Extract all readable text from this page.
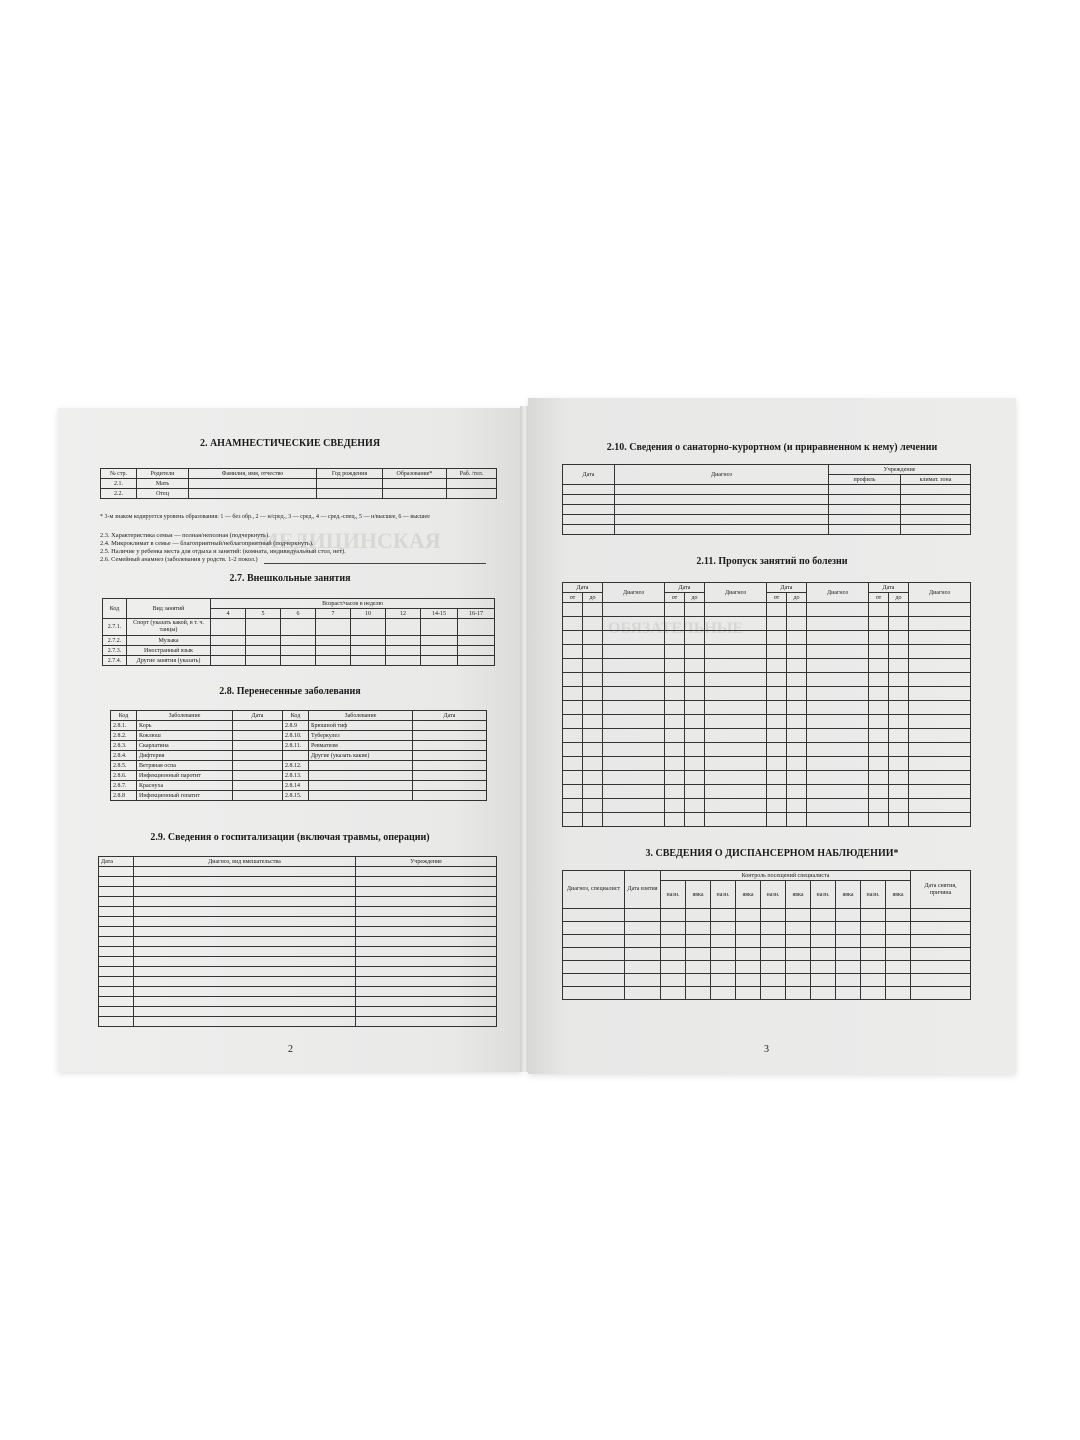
МЕДИЦИНСКАЯ
2. АНАМНЕСТИЧЕСКИЕ СВЕДЕНИЯ
№ стр.	Родители	Фамилия, имя, отчество	Год рождения	Образование*	Раб. /тел.
2.1.	Мать				
2.2.	Отец				
* 3-м знаком кодируется уровень образования: 1 — без обр., 2 — н/сред., 3 — сред., 4 — сред.-спец., 5 — н/высшее, 6 — высшее
2.3. Характеристика семьи — полная/неполная (подчеркнуть).
2.4. Микроклимат в семье — благоприятный/неблагоприятный (подчеркнуть).
2.5. Наличие у ребенка места для отдыха и занятий: (комната, индивидуальный стол, нет).
2.6. Семейный анамнез (заболевания у родств. 1-2 покол.)
2.7. Внешкольные занятия
Код	Вид занятий	Возраст/часов в неделю							
		4	5	6	7	10	12	14-15	16-17
2.7.1.	Спорт (указать какой, в т. ч. танцы)								
2.7.2.	Музыка								
2.7.3.	Иностранный язык								
2.7.4.	Другие занятия (указать)								
2.8. Перенесенные заболевания
Код	Заболевание	Дата	Код	Заболевание	Дата
2.8.1.	Корь		2.8.9	Брюшной тиф	
2.8.2.	Коклюш		2.8.10.	Туберкулез	
2.8.3.	Скарлатина		2.8.11.	Ревматизм	
2.8.4.	Дифтерия			Другие (указать какие)	
2.8.5.	Ветряная оспа		2.8.12.		
2.8.6.	Инфекционный паротит		2.8.13.		
2.8.7.	Краснуха		2.8.14		
2.8.8	Инфекционный гепатит		2.8.15.		
2.9. Сведения о госпитализации (включая травмы, операции)
Дата	Диагноз, вид вмешательства	Учреждение

2
ОБЯЗАТЕЛЬНЫЕ
2.10. Сведения о санаторно-курортном (и приравненном к нему) лечении
Дата	Диагноз	Учреждение	
		профиль	климат. зона

2.11. Пропуск занятий по болезни
Дата		Диагноз	Дата		Диагноз	Дата		Диагноз	Дата		Диагноз
от	до		от	до		от	до		от	до	

3. СВЕДЕНИЯ О ДИСПАНСЕРНОМ НАБЛЮДЕНИИ*
Диагноз, специалист	Дата взятия	Контроль посещений специалиста										Дата снятия, причина
		назн.	явка	назн.	явка	назн.	явка	назн.	явка	назн.	явка	

3
